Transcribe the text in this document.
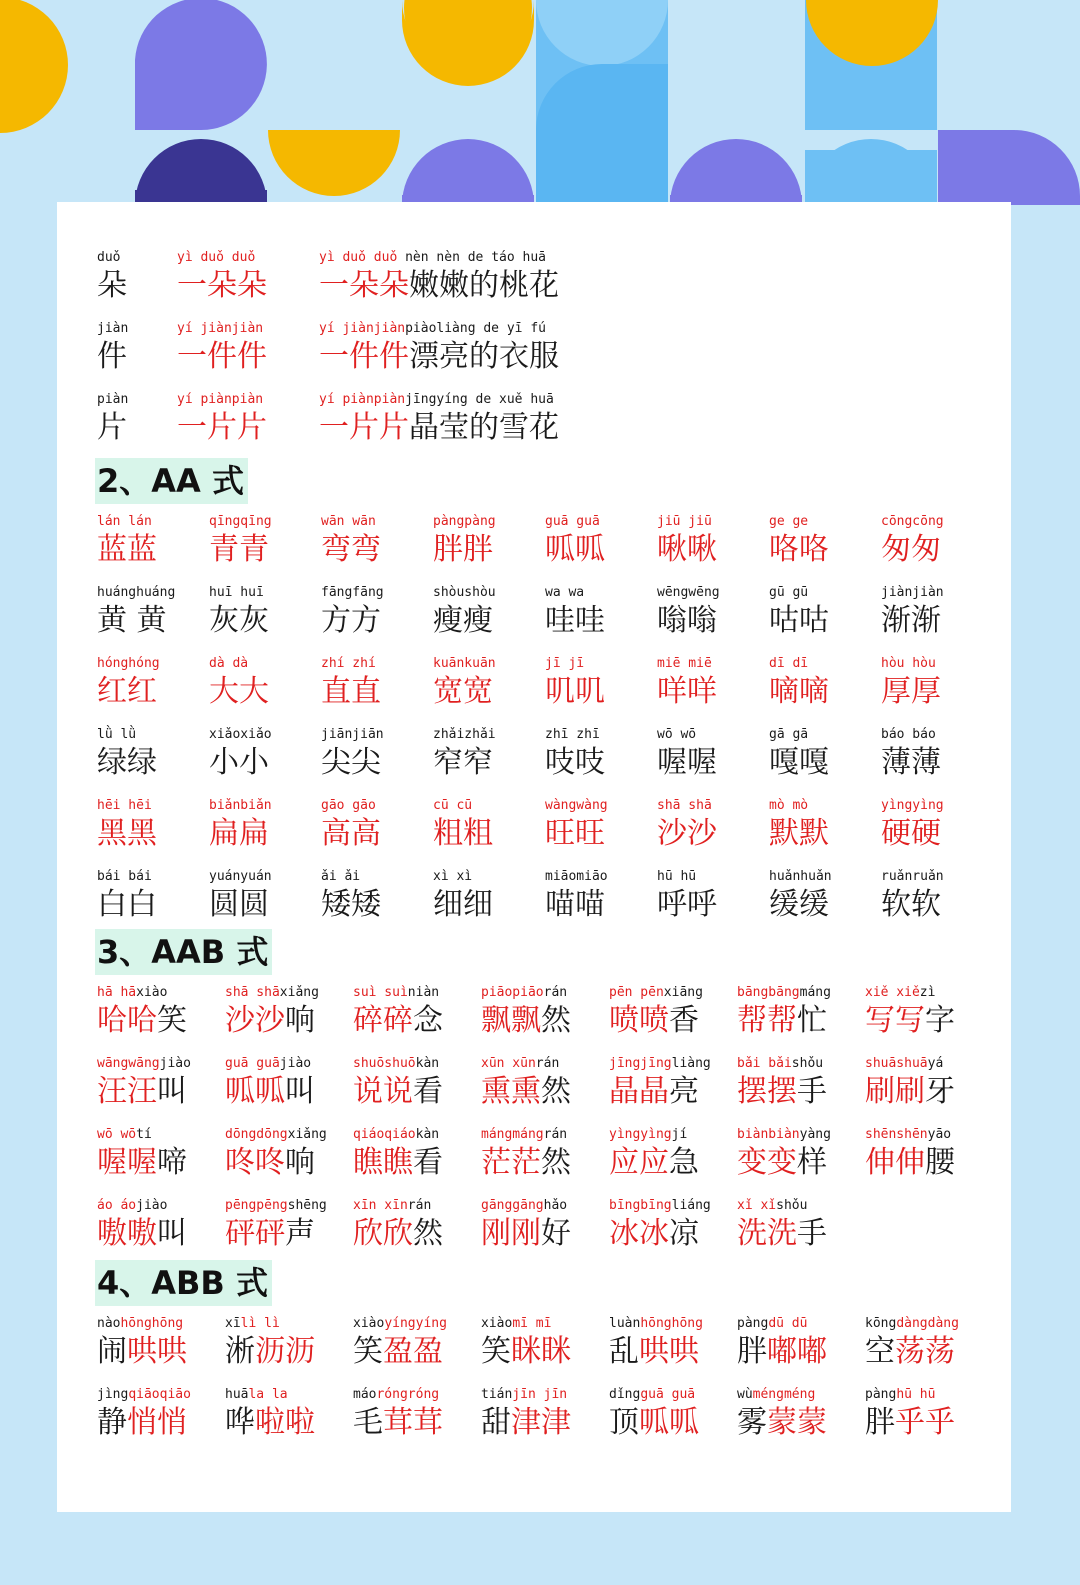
duǒ
朵
yì duǒ duǒ
一朵朵
yì duǒ duǒ nèn nèn de táo huā
一朵朵嫩嫩的桃花
jiàn
件
yí jiànjiàn
一件件
yí jiànjiànpiàoliàng de yī fú
一件件漂亮的衣服
piàn
片
yí piànpiàn
一片片
yí piànpiànjīngyíng de xuě huā
一片片晶莹的雪花
2、AA 式
lán lán
蓝蓝
qīngqīng
青青
wān wān
弯弯
pàngpàng
胖胖
guā guā
呱呱
jiū jiū
啾啾
ge ge
咯咯
cōngcōng
匆匆
huánghuáng
黄 黄
huī huī
灰灰
fāngfāng
方方
shòushòu
瘦瘦
wa wa
哇哇
wēngwēng
嗡嗡
gū gū
咕咕
jiànjiàn
渐渐
hónghóng
红红
dà dà
大大
zhí zhí
直直
kuānkuān
宽宽
jī jī
叽叽
miē miē
咩咩
dī dī
嘀嘀
hòu hòu
厚厚
lǜ lǜ
绿绿
xiǎoxiǎo
小小
jiānjiān
尖尖
zhǎizhǎi
窄窄
zhī zhī
吱吱
wō wō
喔喔
gā gā
嘎嘎
báo báo
薄薄
hēi hēi
黑黑
biǎnbiǎn
扁扁
gāo gāo
高高
cū cū
粗粗
wàngwàng
旺旺
shā shā
沙沙
mò mò
默默
yìngyìng
硬硬
bái bái
白白
yuányuán
圆圆
ǎi ǎi
矮矮
xì xì
细细
miāomiāo
喵喵
hū hū
呼呼
huǎnhuǎn
缓缓
ruǎnruǎn
软软
3、AAB 式
hā hāxiào
哈哈笑
shā shāxiǎng
沙沙响
suì suìniàn
碎碎念
piāopiāorán
飘飘然
pēn pēnxiāng
喷喷香
bāngbāngmáng
帮帮忙
xiě xiězì
写写字
wāngwāngjiào
汪汪叫
guā guājiào
呱呱叫
shuōshuōkàn
说说看
xūn xūnrán
熏熏然
jīngjīngliàng
晶晶亮
bǎi bǎishǒu
摆摆手
shuāshuāyá
刷刷牙
wō wōtí
喔喔啼
dōngdōngxiǎng
咚咚响
qiáoqiáokàn
瞧瞧看
mángmángrán
茫茫然
yìngyìngjí
应应急
biànbiànyàng
变变样
shēnshēnyāo
伸伸腰
áo áojiào
嗷嗷叫
pēngpēngshēng
砰砰声
xīn xīnrán
欣欣然
gānggānghǎo
刚刚好
bīngbīngliáng
冰冰凉
xǐ xǐshǒu
洗洗手
4、ABB 式
nàohōnghōng
闹哄哄
xīlì lì
淅沥沥
xiàoyíngyíng
笑盈盈
xiàomī mī
笑眯眯
luànhōnghōng
乱哄哄
pàngdū dū
胖嘟嘟
kōngdàngdàng
空荡荡
jìngqiāoqiāo
静悄悄
huāla la
哗啦啦
máoróngróng
毛茸茸
tiánjīn jīn
甜津津
dǐngguā guā
顶呱呱
wùméngméng
雾蒙蒙
pànghū hū
胖乎乎
